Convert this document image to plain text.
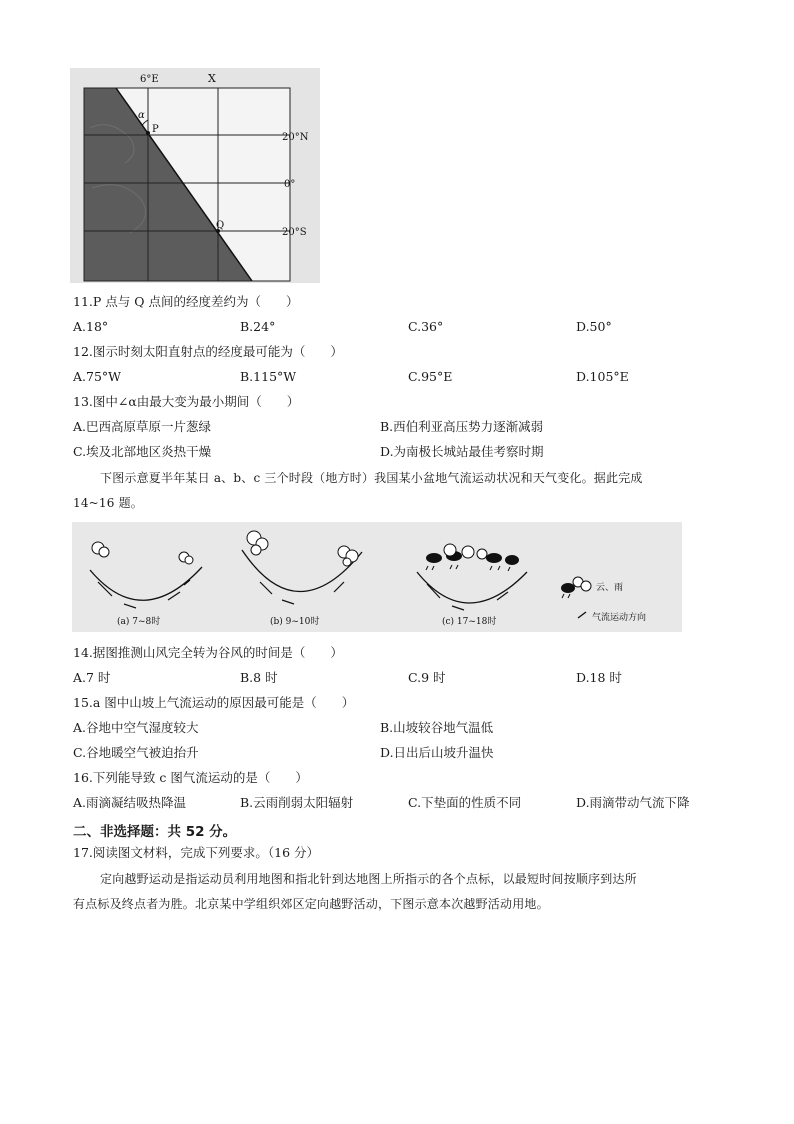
6°E	X
20°N
0°
20°S
α
P
Q
11.P 点与 Q 点间的经度差约为（　　）
A.18°	B.24°	C.36°	D.50°
12.图示时刻太阳直射点的经度最可能为（　　）
A.75°W	B.115°W	C.95°E	D.105°E
13.图中∠α由最大变为最小期间（　　）
A.巴西高原草原一片葱绿	B.西伯利亚高压势力逐渐减弱
C.埃及北部地区炎热干燥	D.为南极长城站最佳考察时期
下图示意夏半年某日 a、b、c 三个时段（地方时）我国某小盆地气流运动状况和天气变化。据此完成
14~16 题。
(a) 7~8时	(b) 9~10时	(c) 17~18时
云、雨
气流运动方向
14.据图推测山风完全转为谷风的时间是（　　）
A.7 时	B.8 时	C.9 时	D.18 时
15.a 图中山坡上气流运动的原因最可能是（　　）
A.谷地中空气湿度较大	B.山坡较谷地气温低
C.谷地暖空气被迫抬升	D.日出后山坡升温快
16.下列能导致 c 图气流运动的是（　　）
A.雨滴凝结吸热降温	B.云雨削弱太阳辐射	C.下垫面的性质不同	D.雨滴带动气流下降
二、非选择题：共 52 分。
17.阅读图文材料，完成下列要求。（16 分）
定向越野运动是指运动员利用地图和指北针到达地图上所指示的各个点标，以最短时间按顺序到达所
有点标及终点者为胜。北京某中学组织郊区定向越野活动，下图示意本次越野活动用地。
